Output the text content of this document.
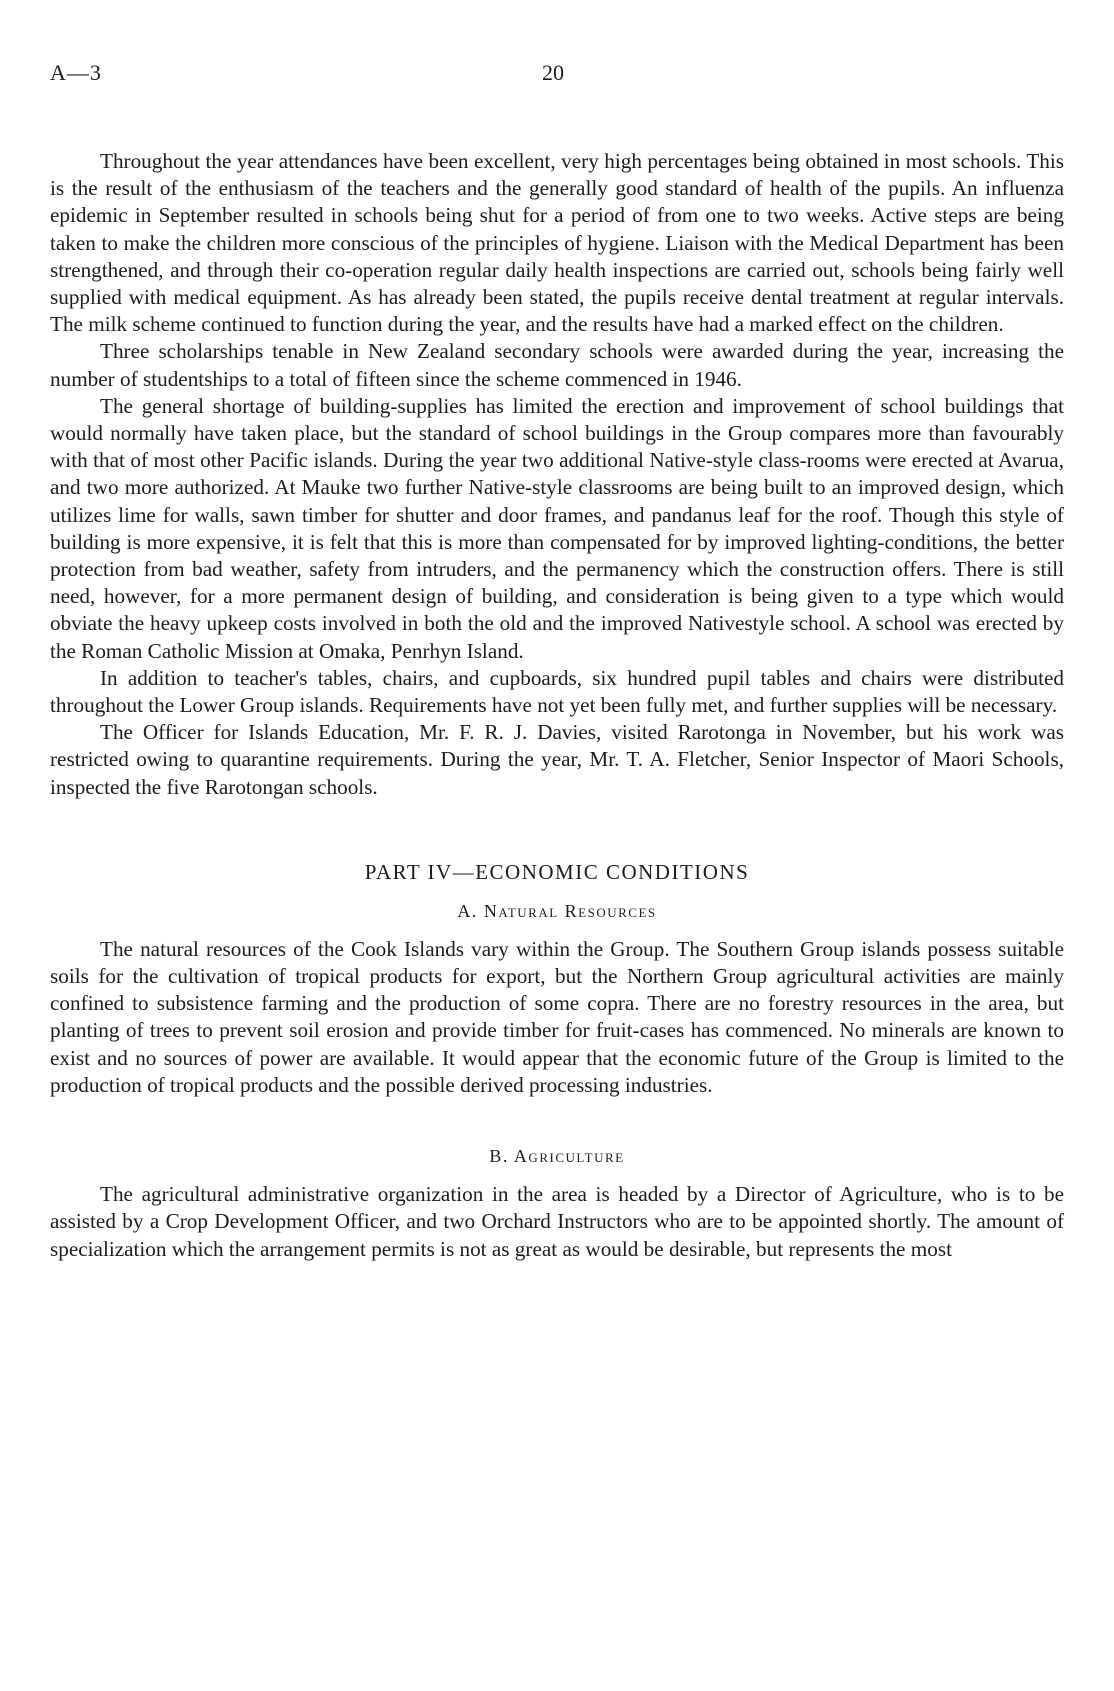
A—3	20

Throughout the year attendances have been excellent, very high percentages being obtained in most schools. This is the result of the enthusiasm of the teachers and the generally good standard of health of the pupils. An influenza epidemic in September resulted in schools being shut for a period of from one to two weeks. Active steps are being taken to make the children more conscious of the principles of hygiene. Liaison with the Medical Department has been strengthened, and through their co-operation regular daily health inspections are carried out, schools being fairly well supplied with medical equipment. As has already been stated, the pupils receive dental treatment at regular intervals. The milk scheme continued to function during the year, and the results have had a marked effect on the children.

Three scholarships tenable in New Zealand secondary schools were awarded during the year, increasing the number of studentships to a total of fifteen since the scheme commenced in 1946.

The general shortage of building-supplies has limited the erection and improvement of school buildings that would normally have taken place, but the standard of school buildings in the Group compares more than favourably with that of most other Pacific islands. During the year two additional Native-style class-rooms were erected at Avarua, and two more authorized. At Mauke two further Native-style classrooms are being built to an improved design, which utilizes lime for walls, sawn timber for shutter and door frames, and pandanus leaf for the roof. Though this style of building is more expensive, it is felt that this is more than compensated for by improved lighting-conditions, the better protection from bad weather, safety from intruders, and the permanency which the construction offers. There is still need, however, for a more permanent design of building, and consideration is being given to a type which would obviate the heavy upkeep costs involved in both the old and the improved Nativestyle school. A school was erected by the Roman Catholic Mission at Omaka, Penrhyn Island.

In addition to teacher's tables, chairs, and cupboards, six hundred pupil tables and chairs were distributed throughout the Lower Group islands. Requirements have not yet been fully met, and further supplies will be necessary.

The Officer for Islands Education, Mr. F. R. J. Davies, visited Rarotonga in November, but his work was restricted owing to quarantine requirements. During the year, Mr. T. A. Fletcher, Senior Inspector of Maori Schools, inspected the five Rarotongan schools.

PART IV—ECONOMIC CONDITIONS
A. Natural Resources

The natural resources of the Cook Islands vary within the Group. The Southern Group islands possess suitable soils for the cultivation of tropical products for export, but the Northern Group agricultural activities are mainly confined to subsistence farming and the production of some copra. There are no forestry resources in the area, but planting of trees to prevent soil erosion and provide timber for fruit-cases has commenced. No minerals are known to exist and no sources of power are available. It would appear that the economic future of the Group is limited to the production of tropical products and the possible derived processing industries.

B. Agriculture

The agricultural administrative organization in the area is headed by a Director of Agriculture, who is to be assisted by a Crop Development Officer, and two Orchard Instructors who are to be appointed shortly. The amount of specialization which the arrangement permits is not as great as would be desirable, but represents the most
